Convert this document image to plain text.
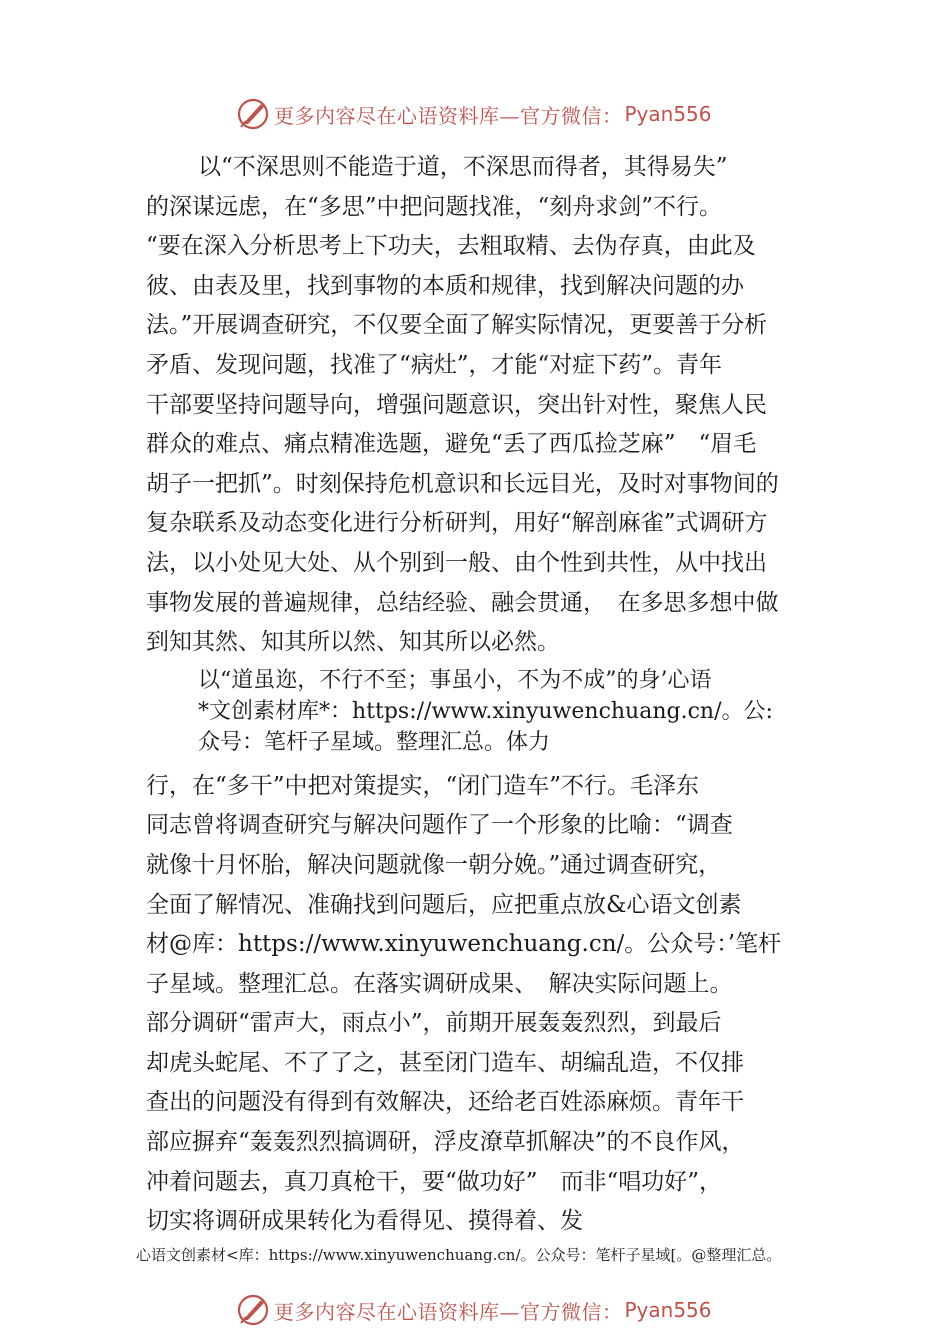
更多内容尽在心语资料库—官方微信： Pyan556
以“不深思则不能造于道，不深思而得者，其得易失”
的深谋远虑，在“多思”中把问题找准，“刻舟求剑”不行。
“要在深入分析思考上下功夫，去粗取精、去伪存真，由此及
彼、由表及里，找到事物的本质和规律，找到解决问题的办
法。”开展调查研究，不仅要全面了解实际情况，更要善于分析
矛盾、发现问题，找准了“病灶”，才能“对症下药”。青年
干部要坚持问题导向，增强问题意识，突出针对性，聚焦人民
群众的难点、痛点精准选题，避免“丢了西瓜捡芝麻”　“眉毛
胡子一把抓”。时刻保持危机意识和长远目光，及时对事物间的
复杂联系及动态变化进行分析研判，用好“解剖麻雀”式调研方
法，以小处见大处、从个别到一般、由个性到共性，从中找出
事物发展的普遍规律，总结经验、融会贯通，　在多思多想中做
到知其然、知其所以然、知其所以必然。
以“道虽迩，不行不至；事虽小，不为不成”的身’心语
*文创素材库*：https://www.xinyuwenchuang.cn/。公:
众号：笔杆子星域。整理汇总。体力
行，在“多干”中把对策提实，“闭门造车”不行。毛泽东
同志曾将调查研究与解决问题作了一个形象的比喻：“调查
就像十月怀胎，解决问题就像一朝分娩。”通过调查研究，
全面了解情况、准确找到问题后，应把重点放&心语文创素
材@库：https://www.xinyuwenchuang.cn/。公众号：’笔杆
子星域。整理汇总。在落实调研成果、　解决实际问题上。
部分调研“雷声大，雨点小”，前期开展轰轰烈烈，到最后
却虎头蛇尾、不了了之，甚至闭门造车、胡编乱造，不仅排
查出的问题没有得到有效解决，还给老百姓添麻烦。青年干
部应摒弃“轰轰烈烈搞调研，浮皮潦草抓解决”的不良作风，
冲着问题去，真刀真枪干，要“做功好”　而非“唱功好”，
切实将调研成果转化为看得见、摸得着、发
心语文创素材<库：https://www.xinyuwenchuang.cn/。公众号：笔杆子星域[。@整理汇总。
更多内容尽在心语资料库—官方微信： Pyan556
